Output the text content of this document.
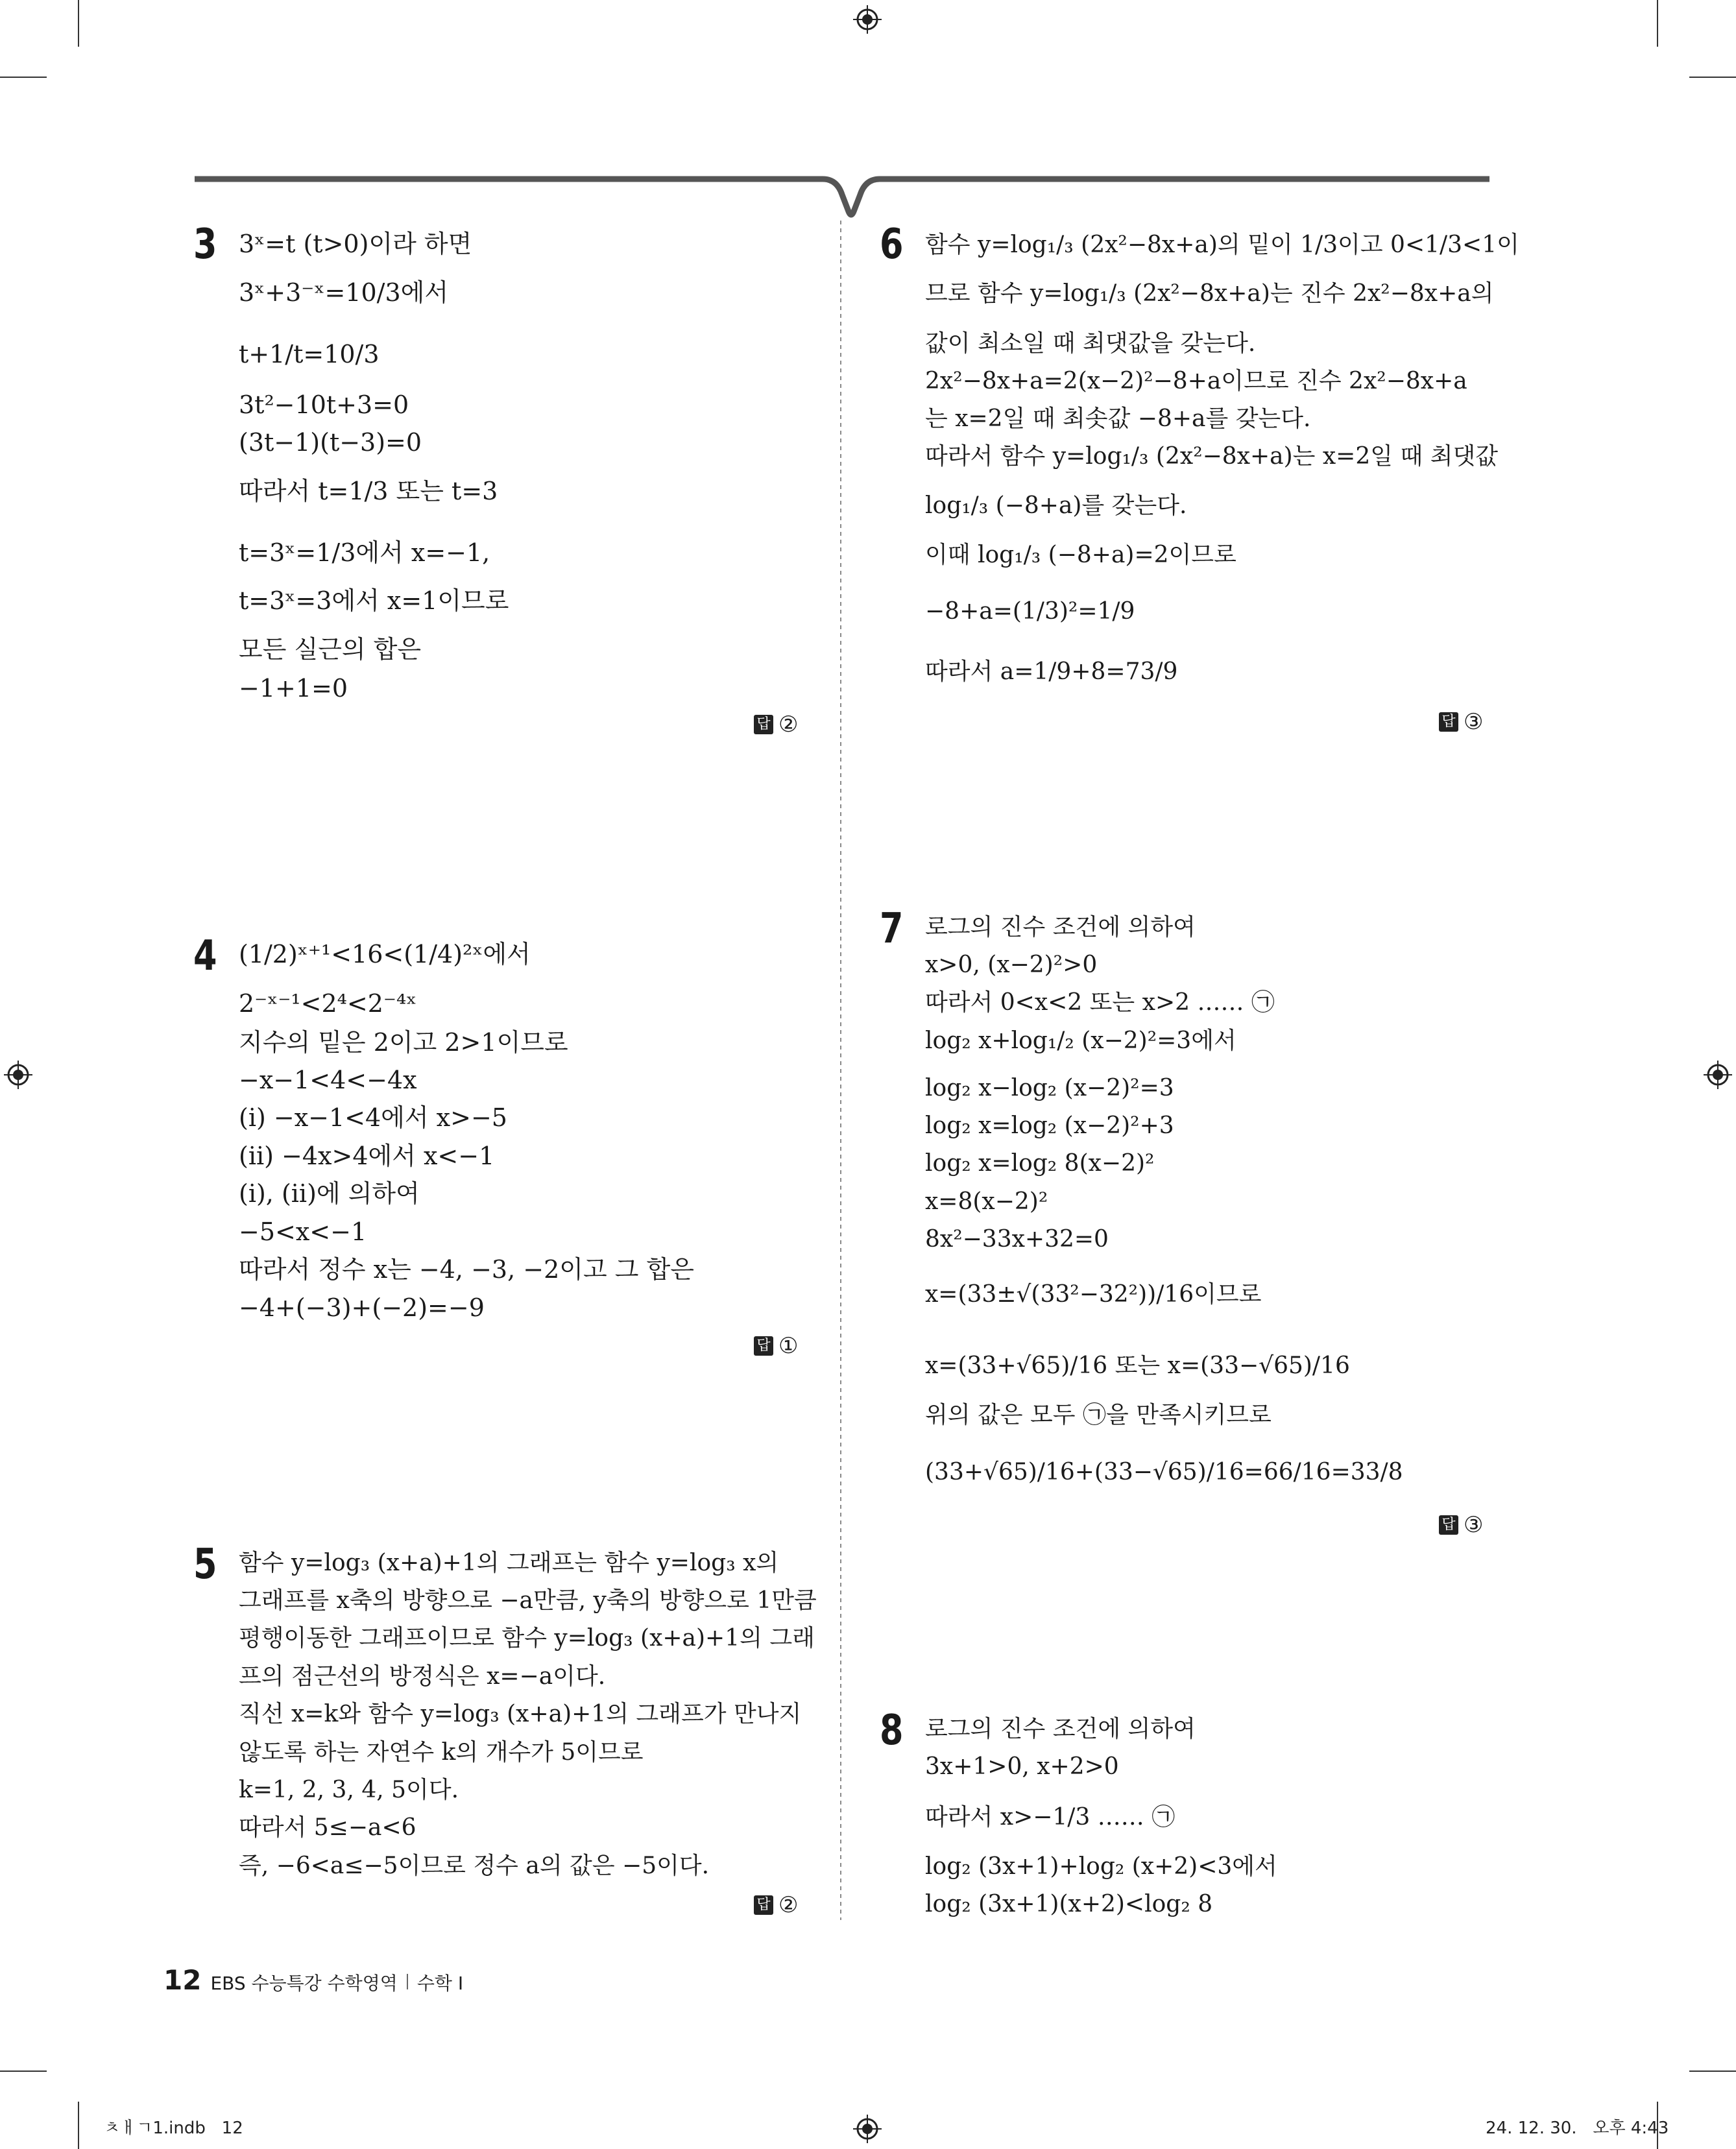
3 3ˣ=t (t>0)이라 하면
3ˣ+3⁻ˣ=10/3에서
t+1/t=10/3
3t²−10t+3=0
(3t−1)(t−3)=0
따라서 t=1/3 또는 t=3
t=3ˣ=1/3에서 x=−1,
t=3ˣ=3에서 x=1이므로
모든 실근의 합은
−1+1=0
답 ②
4 (1/2)ˣ⁺¹<16<(1/4)²ˣ에서
2⁻ˣ⁻¹<2⁴<2⁻⁴ˣ
지수의 밑은 2이고 2>1이므로
−x−1<4<−4x
(ⅰ) −x−1<4에서 x>−5
(ⅱ) −4x>4에서 x<−1
(ⅰ), (ⅱ)에 의하여
−5<x<−1
따라서 정수 x는 −4, −3, −2이고 그 합은
−4+(−3)+(−2)=−9
답 ①
5 함수 y=log₃ (x+a)+1의 그래프는 함수 y=log₃ x의
그래프를 x축의 방향으로 −a만큼, y축의 방향으로 1만큼
평행이동한 그래프이므로 함수 y=log₃ (x+a)+1의 그래
프의 점근선의 방정식은 x=−a이다.
직선 x=k와 함수 y=log₃ (x+a)+1의 그래프가 만나지
않도록 하는 자연수 k의 개수가 5이므로
k=1, 2, 3, 4, 5이다.
따라서 5≤−a<6
즉, −6<a≤−5이므로 정수 a의 값은 −5이다.
답 ②
6 함수 y=log₁/₃ (2x²−8x+a)의 밑이 1/3이고 0<1/3<1이
므로 함수 y=log₁/₃ (2x²−8x+a)는 진수 2x²−8x+a의
값이 최소일 때 최댓값을 갖는다.
2x²−8x+a=2(x−2)²−8+a이므로 진수 2x²−8x+a
는 x=2일 때 최솟값 −8+a를 갖는다.
따라서 함수 y=log₁/₃ (2x²−8x+a)는 x=2일 때 최댓값
log₁/₃ (−8+a)를 갖는다.
이때 log₁/₃ (−8+a)=2이므로
−8+a=(1/3)²=1/9
따라서 a=1/9+8=73/9
답 ③
7 로그의 진수 조건에 의하여
x>0, (x−2)²>0
따라서 0<x<2 또는 x>2 …… ㉠
log₂ x+log₁/₂ (x−2)²=3에서
log₂ x−log₂ (x−2)²=3
log₂ x=log₂ (x−2)²+3
log₂ x=log₂ 8(x−2)²
x=8(x−2)²
8x²−33x+32=0
x=(33±√(33²−32²))/16이므로
x=(33+√65)/16 또는 x=(33−√65)/16
위의 값은 모두 ㉠을 만족시키므로
(33+√65)/16+(33−√65)/16=66/16=33/8
답 ③
8 로그의 진수 조건에 의하여
3x+1>0, x+2>0
따라서 x>−1/3 …… ㉠
log₂ (3x+1)+log₂ (x+2)<3에서
log₂ (3x+1)(x+2)<log₂ 8
12 EBS 수능특강 수학영역 수학 Ⅰ
ㅊㅐㄱ1.indb   12	24. 12. 30.   오후 4:43
